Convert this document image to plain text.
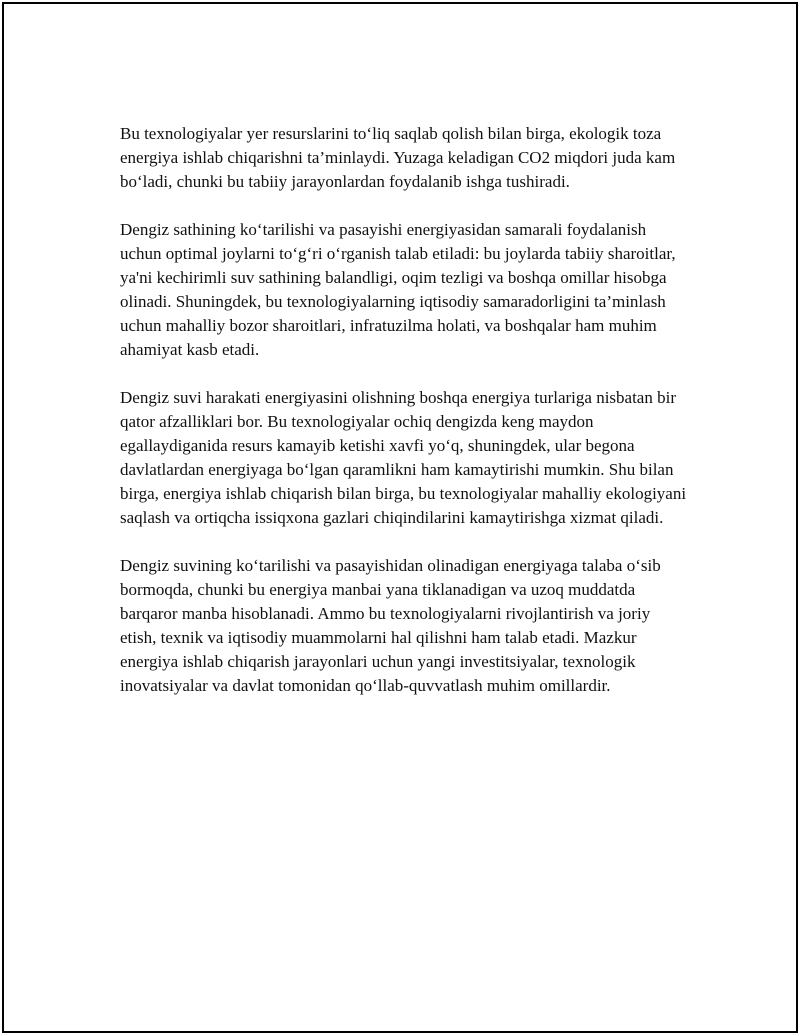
Bu texnologiyalar yer resurslarini to‘liq saqlab qolish bilan birga, ekologik toza energiya ishlab chiqarishni ta’minlaydi. Yuzaga keladigan CO2 miqdori juda kam bo‘ladi, chunki bu tabiiy jarayonlardan foydalanib ishga tushiradi.

Dengiz sathining ko‘tarilishi va pasayishi energiyasidan samarali foydalanish uchun optimal joylarni to‘g‘ri o‘rganish talab etiladi: bu joylarda tabiiy sharoitlar, ya'ni kechirimli suv sathining balandligi, oqim tezligi va boshqa omillar hisobga olinadi. Shuningdek, bu texnologiyalarning iqtisodiy samaradorligini ta’minlash uchun mahalliy bozor sharoitlari, infratuzilma holati, va boshqalar ham muhim ahamiyat kasb etadi.

Dengiz suvi harakati energiyasini olishning boshqa energiya turlariga nisbatan bir qator afzalliklari bor. Bu texnologiyalar ochiq dengizda keng maydon egallaydiganida resurs kamayib ketishi xavfi yo‘q, shuningdek, ular begona davlatlardan energiyaga bo‘lgan qaramlikni ham kamaytirishi mumkin. Shu bilan birga, energiya ishlab chiqarish bilan birga, bu texnologiyalar mahalliy ekologiyani saqlash va ortiqcha issiqxona gazlari chiqindilarini kamaytirishga xizmat qiladi.

Dengiz suvining ko‘tarilishi va pasayishidan olinadigan energiyaga talaba o‘sib bormoqda, chunki bu energiya manbai yana tiklanadigan va uzoq muddatda barqaror manba hisoblanadi. Ammo bu texnologiyalarni rivojlantirish va joriy etish, texnik va iqtisodiy muammolarni hal qilishni ham talab etadi. Mazkur energiya ishlab chiqarish jarayonlari uchun yangi investitsiyalar, texnologik inovatsiyalar va davlat tomonidan qo‘llab-quvvatlash muhim omillardir.
